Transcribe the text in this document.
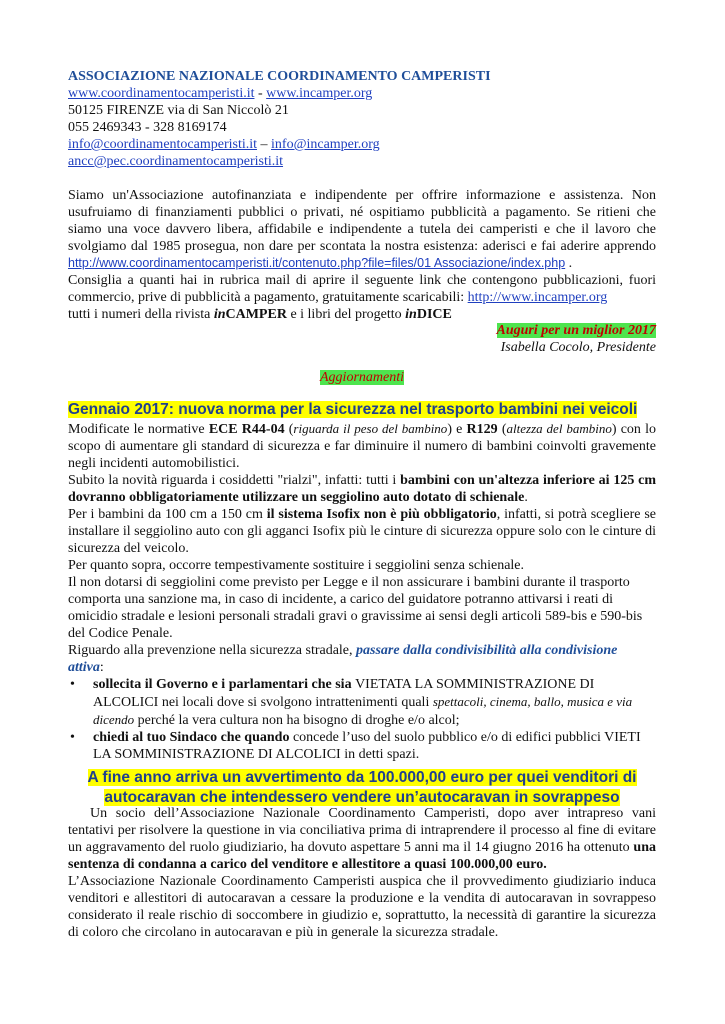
ASSOCIAZIONE NAZIONALE COORDINAMENTO CAMPERISTI
www.coordinamentocamperisti.it - www.incamper.org
50125 FIRENZE via di San Niccolò 21
055 2469343 - 328 8169174
info@coordinamentocamperisti.it – info@incamper.org
ancc@pec.coordinamentocamperisti.it

Siamo un'Associazione autofinanziata e indipendente per offrire informazione e assistenza. Non usufruiamo di finanziamenti pubblici o privati, né ospitiamo pubblicità a pagamento. Se ritieni che siamo una voce davvero libera, affidabile e indipendente a tutela dei camperisti e che il lavoro che svolgiamo dal 1985 prosegua, non dare per scontata la nostra esistenza: aderisci e fai aderire apprendo http://www.coordinamentocamperisti.it/contenuto.php?file=files/01 Associazione/index.php .

Consiglia a quanti hai in rubrica mail di aprire il seguente link che contengono pubblicazioni, fuori commercio, prive di pubblicità a pagamento, gratuitamente scaricabili: http://www.incamper.org

tutti i numeri della rivista inCAMPER e i libri del progetto inDICE

Auguri per un miglior 2017
Isabella Cocolo, Presidente
Aggiornamenti
Gennaio 2017: nuova norma per la sicurezza nel trasporto bambini nei veicoli

Modificate le normative ECE R44-04 (riguarda il peso del bambino) e R129 (altezza del bambino) con lo scopo di aumentare gli standard di sicurezza e far diminuire il numero di bambini coinvolti gravemente negli incidenti automobilistici.

Subito la novità riguarda i cosiddetti "rialzi", infatti: tutti i bambini con un'altezza inferiore ai 125 cm dovranno obbligatoriamente utilizzare un seggiolino auto dotato di schienale.

Per i bambini da 100 cm a 150 cm il sistema Isofix non è più obbligatorio, infatti, si potrà scegliere se installare il seggiolino auto con gli agganci Isofix più le cinture di sicurezza oppure solo con le cinture di sicurezza del veicolo.

Per quanto sopra, occorre tempestivamente sostituire i seggiolini senza schienale.

Il non dotarsi di seggiolini come previsto per Legge e il non assicurare i bambini durante il trasporto comporta una sanzione ma, in caso di incidente, a carico del guidatore potranno attivarsi i reati di omicidio stradale e lesioni personali stradali gravi o gravissime ai sensi degli articoli 589-bis e 590-bis del Codice Penale.

Riguardo alla prevenzione nella sicurezza stradale, passare dalla condivisibilità alla condivisione attiva:

• sollecita il Governo e i parlamentari che sia VIETATA LA SOMMINISTRAZIONE DI ALCOLICI nei locali dove si svolgono intrattenimenti quali spettacoli, cinema, ballo, musica e via dicendo perché la vera cultura non ha bisogno di droghe e/o alcol;
• chiedi al tuo Sindaco che quando concede l’uso del suolo pubblico e/o di edifici pubblici VIETI LA SOMMINISTRAZIONE DI ALCOLICI in detti spazi.
A fine anno arriva un avvertimento da 100.000,00 euro per quei venditori di
autocaravan che intendessero vendere un’autocaravan in sovrappeso

Un socio dell’Associazione Nazionale Coordinamento Camperisti, dopo aver intrapreso vani tentativi per risolvere la questione in via conciliativa prima di intraprendere il processo al fine di evitare un aggravamento del ruolo giudiziario, ha dovuto aspettare 5 anni ma il 14 giugno 2016 ha ottenuto una sentenza di condanna a carico del venditore e allestitore a quasi 100.000,00 euro.

L’Associazione Nazionale Coordinamento Camperisti auspica che il provvedimento giudiziario induca venditori e allestitori di autocaravan a cessare la produzione e la vendita di autocaravan in sovrappeso considerato il reale rischio di soccombere in giudizio e, soprattutto, la necessità di garantire la sicurezza di coloro che circolano in autocaravan e più in generale la sicurezza stradale.
